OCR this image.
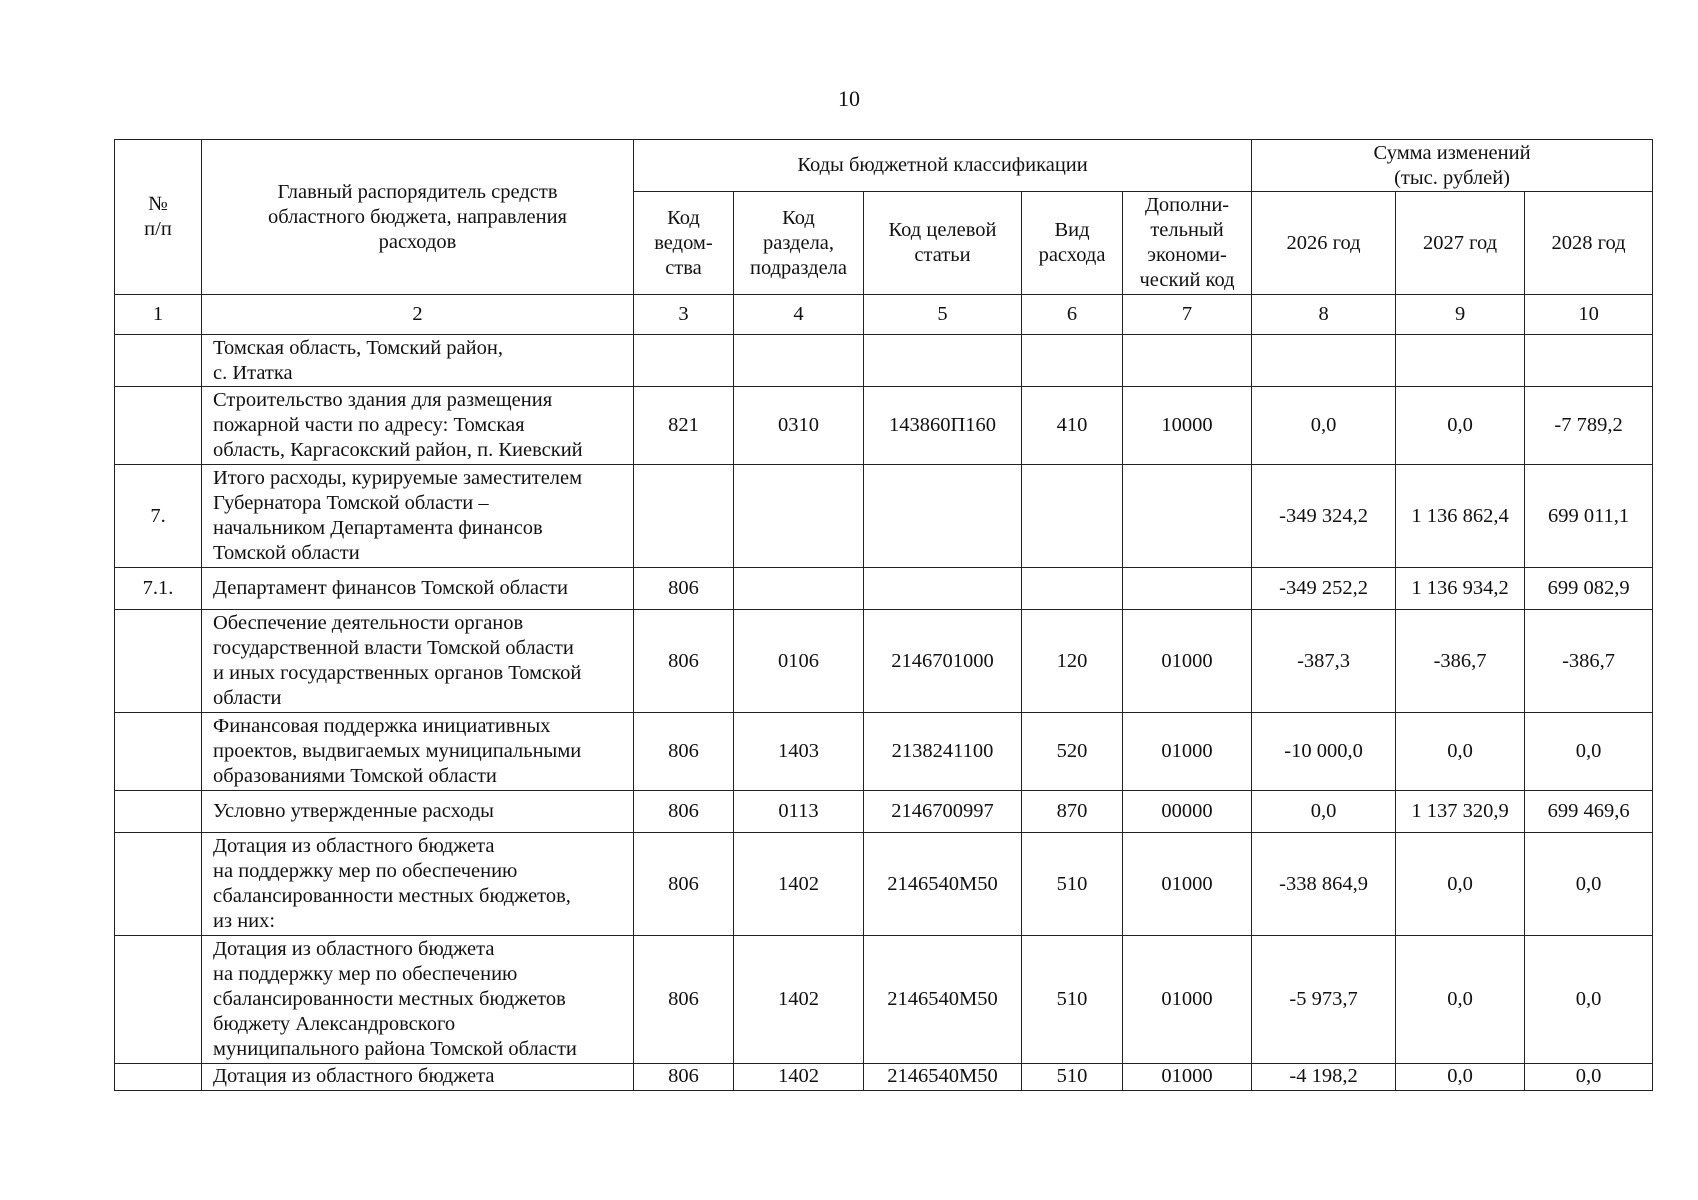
10
№
п/п	Главный распорядитель средств
областного бюджета, направления
расходов	Коды бюджетной классификации					Сумма изменений
(тыс. рублей)		
		Код
ведом-
ства	Код
раздела,
подраздела	Код целевой
статьи	Вид
расхода	Дополни-
тельный
экономи-
ческий код	2026 год	2027 год	2028 год
1	2	3	4	5	6	7	8	9	10
	Томская область, Томский район,
с. Итатка								
	Строительство здания для размещения
пожарной части по адресу: Томская
область, Каргасокский район, п. Киевский	821	0310	143860П160	410	10000	0,0	0,0	-7 789,2
7.	Итого расходы, курируемые заместителем
Губернатора Томской области –
начальником Департамента финансов
Томской области						-349 324,2	1 136 862,4	699 011,1
7.1.	Департамент финансов Томской области	806					-349 252,2	1 136 934,2	699 082,9
	Обеспечение деятельности органов
государственной власти Томской области
и иных государственных органов Томской
области	806	0106	2146701000	120	01000	-387,3	-386,7	-386,7
	Финансовая поддержка инициативных
проектов, выдвигаемых муниципальными
образованиями Томской области	806	1403	2138241100	520	01000	-10 000,0	0,0	0,0
	Условно утвержденные расходы	806	0113	2146700997	870	00000	0,0	1 137 320,9	699 469,6
	Дотация из областного бюджета
на поддержку мер по обеспечению
сбалансированности местных бюджетов,
из них:	806	1402	2146540М50	510	01000	-338 864,9	0,0	0,0
	Дотация из областного бюджета
на поддержку мер по обеспечению
сбалансированности местных бюджетов
бюджету Александровского
муниципального района Томской области	806	1402	2146540М50	510	01000	-5 973,7	0,0	0,0
	Дотация из областного бюджета	806	1402	2146540М50	510	01000	-4 198,2	0,0	0,0
